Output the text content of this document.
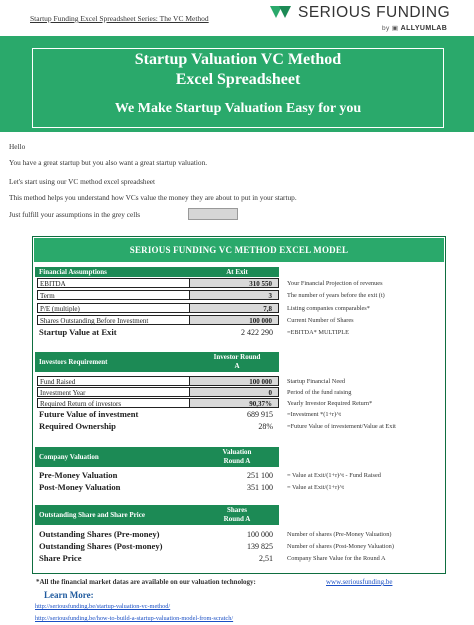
Startup Funding Excel Spreadsheet Series: The VC Method	SERIOUS FUNDING
by ▣ ALLYUMLAB
Startup Valuation VC Method
Excel Spreadsheet
We Make Startup Valuation Easy for you
Hello
You have a great startup but you also want a great startup valuation.
Let's start using our VC method excel spreadsheet
This method helps you understand how VCs value the money they are about to put in your startup.
Just fulfill your assumptions in the grey cells
SERIOUS FUNDING VC METHOD EXCEL MODEL
Financial Assumptions	At Exit
EBITDA	310 550	Your Financial Projection of revenues
Term	3	The number of years before the exit (t)
P/E (multiple)	7,8	Listing companies comparables*
Shares Outstanding Before Investment	100 000	Current Number of Shares
Startup Value at Exit	2 422 290	=EBITDA* MULTIPLE
Investors Requirement
Investor Round
A
Fund Raised	100 000	Startup Financial Need
Investment Year	0	Period of the fund raising
Required Return of investors	90,37%	Yearly Investor Required Return*
Future Value of investment	689 915	=Investment *(1+r)^t
Required Ownership	28%	=Future Value of investement/Value at Exit
Company Valuation
Valuation
Round A
Pre-Money Valuation	251 100	= Value at Exit/(1+r)^t - Fund Raised
Post-Money Valuation	351 100	= Value at Exit/(1+r)^t
Outstanding Share and Share Price
Shares
Round A
Outstanding Shares (Pre-money)	100 000	Number of shares (Pre-Money Valuation)
Outstanding Shares (Post-money)	139 825	Number of shares (Post-Money Valuation)
Share Price	2,51	Company Share Value for the Round A
*All the financial market datas are available on our valuation technology:	www.seriousfunding.be
Learn More:
http://seriousfunding.be/startup-valuation-vc-method/
http://seriousfunding.be/how-to-build-a-startup-valuation-model-from-scratch/
